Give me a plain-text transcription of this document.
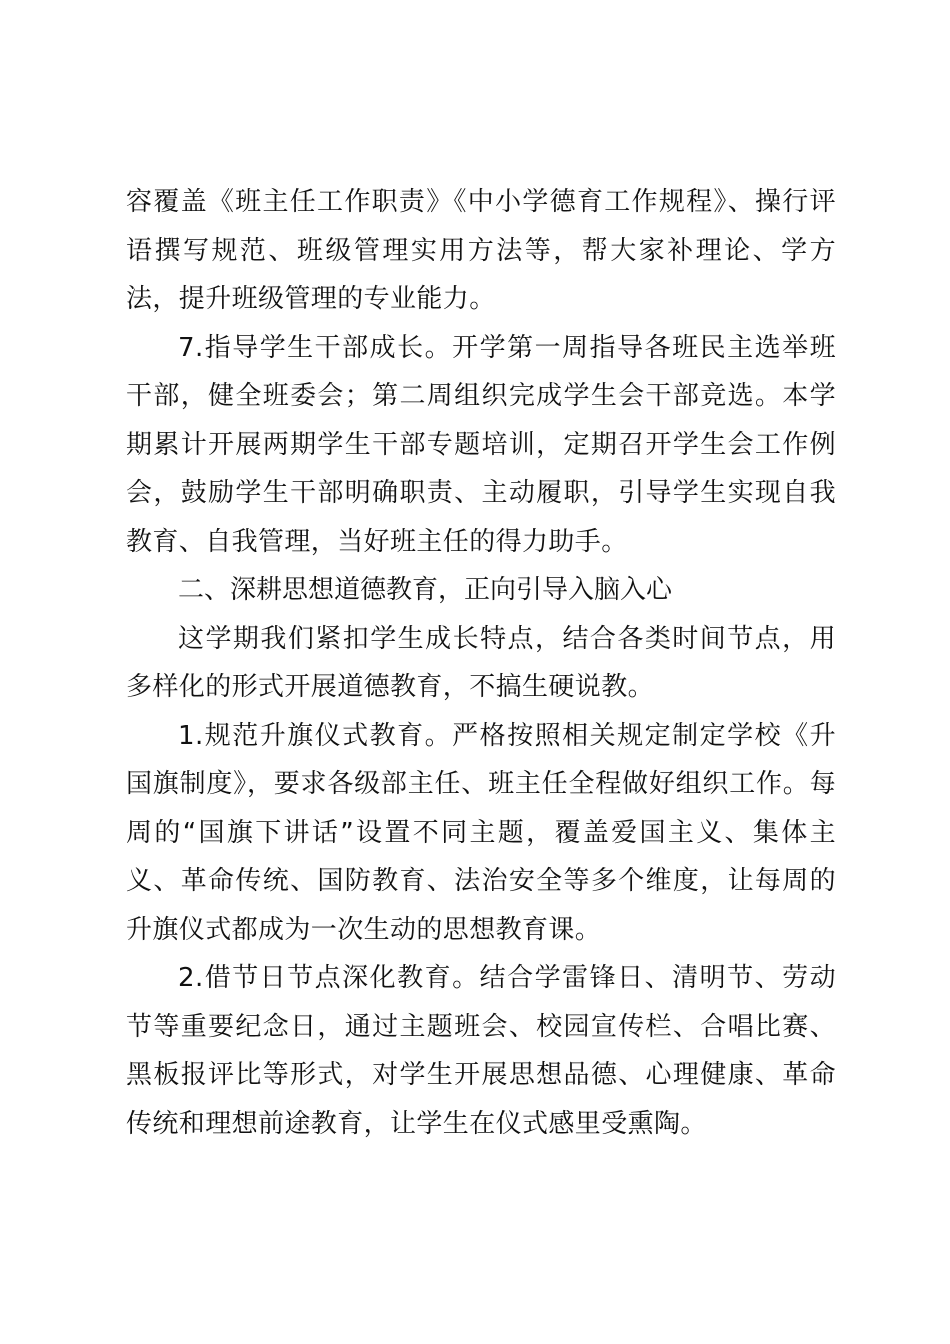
容覆盖《班主任工作职责》《中小学德育工作规程》、操行评语撰写规范、班级管理实用方法等，帮大家补理论、学方法，提升班级管理的专业能力。

7.指导学生干部成长。开学第一周指导各班民主选举班干部，健全班委会；第二周组织完成学生会干部竞选。本学期累计开展两期学生干部专题培训，定期召开学生会工作例会，鼓励学生干部明确职责、主动履职，引导学生实现自我教育、自我管理，当好班主任的得力助手。

二、深耕思想道德教育，正向引导入脑入心

这学期我们紧扣学生成长特点，结合各类时间节点，用多样化的形式开展道德教育，不搞生硬说教。

1.规范升旗仪式教育。严格按照相关规定制定学校《升国旗制度》，要求各级部主任、班主任全程做好组织工作。每周的“国旗下讲话”设置不同主题，覆盖爱国主义、集体主义、革命传统、国防教育、法治安全等多个维度，让每周的升旗仪式都成为一次生动的思想教育课。

2.借节日节点深化教育。结合学雷锋日、清明节、劳动节等重要纪念日，通过主题班会、校园宣传栏、合唱比赛、黑板报评比等形式，对学生开展思想品德、心理健康、革命传统和理想前途教育，让学生在仪式感里受熏陶。
